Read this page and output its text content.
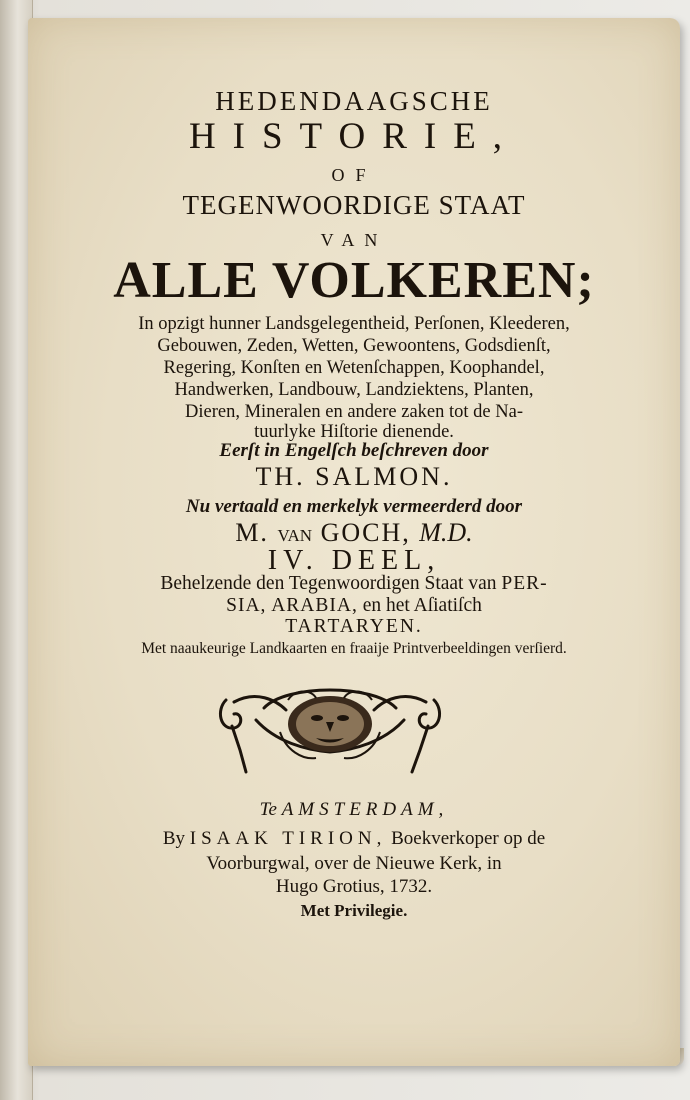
HEDENDAAGSCHE
HISTORIE,
OF
TEGENWOORDIGE STAAT
VAN
ALLE VOLKEREN;
In opzigt hunner Landsgelegentheid, Perſonen, Kleederen,
Gebouwen, Zeden, Wetten, Gewoontens, Godsdienſt,
Regering, Konſten en Wetenſchappen, Koophandel,
Handwerken, Landbouw, Landziektens, Planten,
Dieren, Mineralen en andere zaken tot de Na-
tuurlyke Hiſtorie dienende.
Eerſt in Engelſch beſchreven door
TH. SALMON.
Nu vertaald en merkelyk vermeerderd door
M. VAN GOCH, M.D.
IV. DEEL,
Behelzende den Tegenwoordigen Staat van PER-
SIA, ARABIA, en het Aſiatiſch
TARTARYEN.
Met naaukeurige Landkaarten en fraaije Printverbeeldingen verſierd.
Te AMSTERDAM,
By ISAAK TIRION, Boekverkoper op de
Voorburgwal, over de Nieuwe Kerk, in
Hugo Grotius, 1732.
Met Privilegie.
